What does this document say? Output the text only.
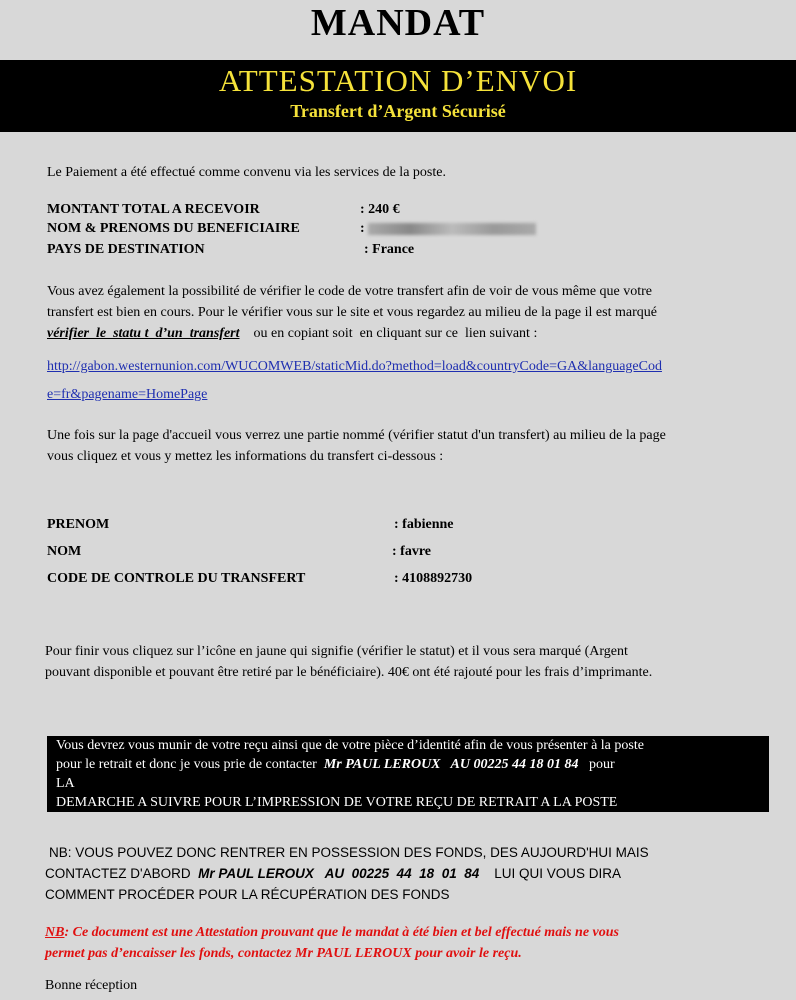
MANDAT
ATTESTATION D’ENVOI
Transfert d’Argent Sécurisé
Le Paiement a été effectué comme convenu via les services de la poste.
MONTANT TOTAL A RECEVOIR	: 240 €
NOM & PRENOMS DU BENEFICIAIRE	:
PAYS DE DESTINATION	: France
Vous avez également la possibilité de vérifier le code de votre transfert afin de voir de vous même que votre
transfert est bien en cours. Pour le vérifier vous sur le site et vous regardez au milieu de la page il est marqué
vérifier  le  statu t  d’un  transfert ou en copiant soit  en cliquant sur ce  lien suivant :
http://gabon.westernunion.com/WUCOMWEB/staticMid.do?method=load&countryCode=GA&languageCod
e=fr&pagename=HomePage
Une fois sur la page d'accueil vous verrez une partie nommé (vérifier statut d'un transfert) au milieu de la page
vous cliquez et vous y mettez les informations du transfert ci-dessous :
PRENOM	: fabienne
NOM	: favre
CODE DE CONTROLE DU TRANSFERT	: 4108892730
Pour finir vous cliquez sur l’icône en jaune qui signifie (vérifier le statut) et il vous sera marqué (Argent
pouvant disponible et pouvant être retiré par le bénéficiaire). 40€ ont été rajouté pour les frais d’imprimante.
Vous devrez vous munir de votre reçu ainsi que de votre pièce d’identité afin de vous présenter à la poste
pour le retrait et donc je vous prie de contacter Mr PAUL LEROUX   AU 00225 44 18 01 84 pour
LA
DEMARCHE A SUIVRE POUR L’IMPRESSION DE VOTRE REÇU DE RETRAIT A LA POSTE
NB: VOUS POUVEZ DONC RENTRER EN POSSESSION DES FONDS, DES AUJOURD'HUI MAIS
CONTACTEZ D'ABORD Mr PAUL LEROUX   AU  00225  44  18  01  84 LUI QUI VOUS DIRA
COMMENT PROCÉDER POUR LA RÉCUPÉRATION DES FONDS
NB: Ce document est une Attestation prouvant que le mandat à été bien et bel effectué mais ne vous
permet pas d’encaisser les fonds, contactez Mr PAUL LEROUX pour avoir le reçu.
Bonne réception
